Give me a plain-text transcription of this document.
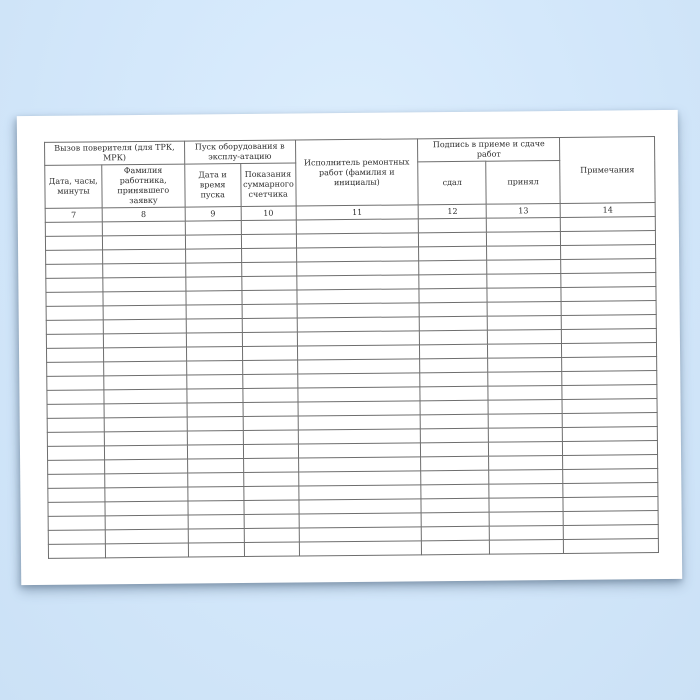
Вызов поверителя (для ТРК, МРК)		Пуск оборудования в эксплу-атацию		Исполнитель ремонтных работ (фамилия и инициалы)	Подпись в приеме и сдаче работ		Примечания
Дата, часы, минуты	Фамилия работника, принявшего заявку	Дата и время пуска	Показания суммарного счетчика		сдал	принял	
7	8	9	10	11	12	13	14
